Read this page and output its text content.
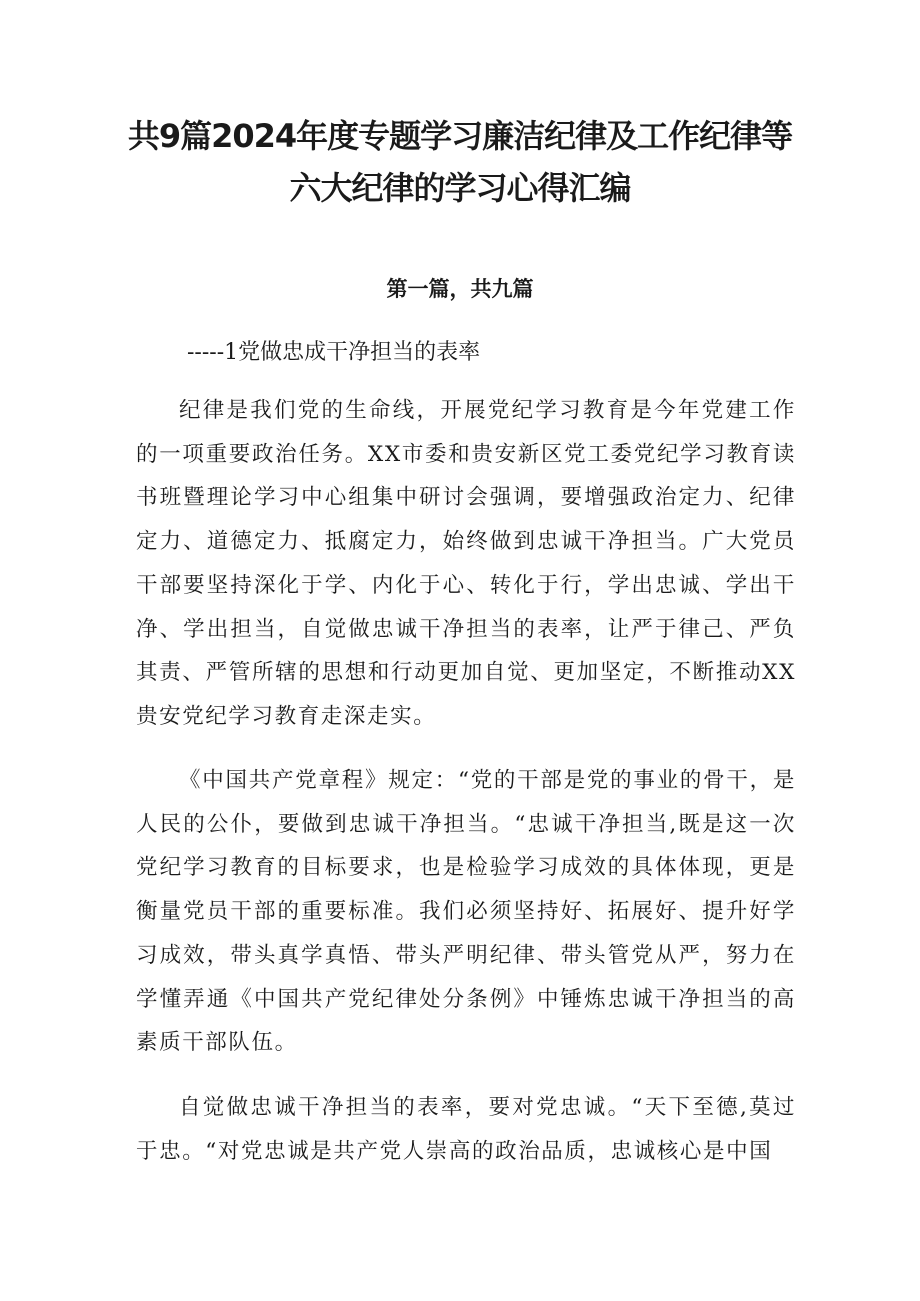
共9篇2024年度专题学习廉洁纪律及工作纪律等
六大纪律的学习心得汇编
第一篇，共九篇

-----1党做忠成干净担当的表率

纪律是我们党的生命线，开展党纪学习教育是今年党建工作的一项重要政治任务。XX市委和贵安新区党工委党纪学习教育读书班暨理论学习中心组集中研讨会强调，要增强政治定力、纪律定力、道德定力、抵腐定力，始终做到忠诚干净担当。广大党员干部要坚持深化于学、内化于心、转化于行，学出忠诚、学出干净、学出担当，自觉做忠诚干净担当的表率，让严于律己、严负其责、严管所辖的思想和行动更加自觉、更加坚定，不断推动XX贵安党纪学习教育走深走实。

《中国共产党章程》规定：“党的干部是党的事业的骨干，是人民的公仆，要做到忠诚干净担当。“忠诚干净担当,既是这一次党纪学习教育的目标要求，也是检验学习成效的具体体现，更是衡量党员干部的重要标准。我们必须坚持好、拓展好、提升好学习成效，带头真学真悟、带头严明纪律、带头管党从严，努力在学懂弄通《中国共产党纪律处分条例》中锤炼忠诚干净担当的高素质干部队伍。

自觉做忠诚干净担当的表率，要对党忠诚。“天下至德,莫过于忠。“对党忠诚是共产党人崇高的政治品质，忠诚核心是中国
